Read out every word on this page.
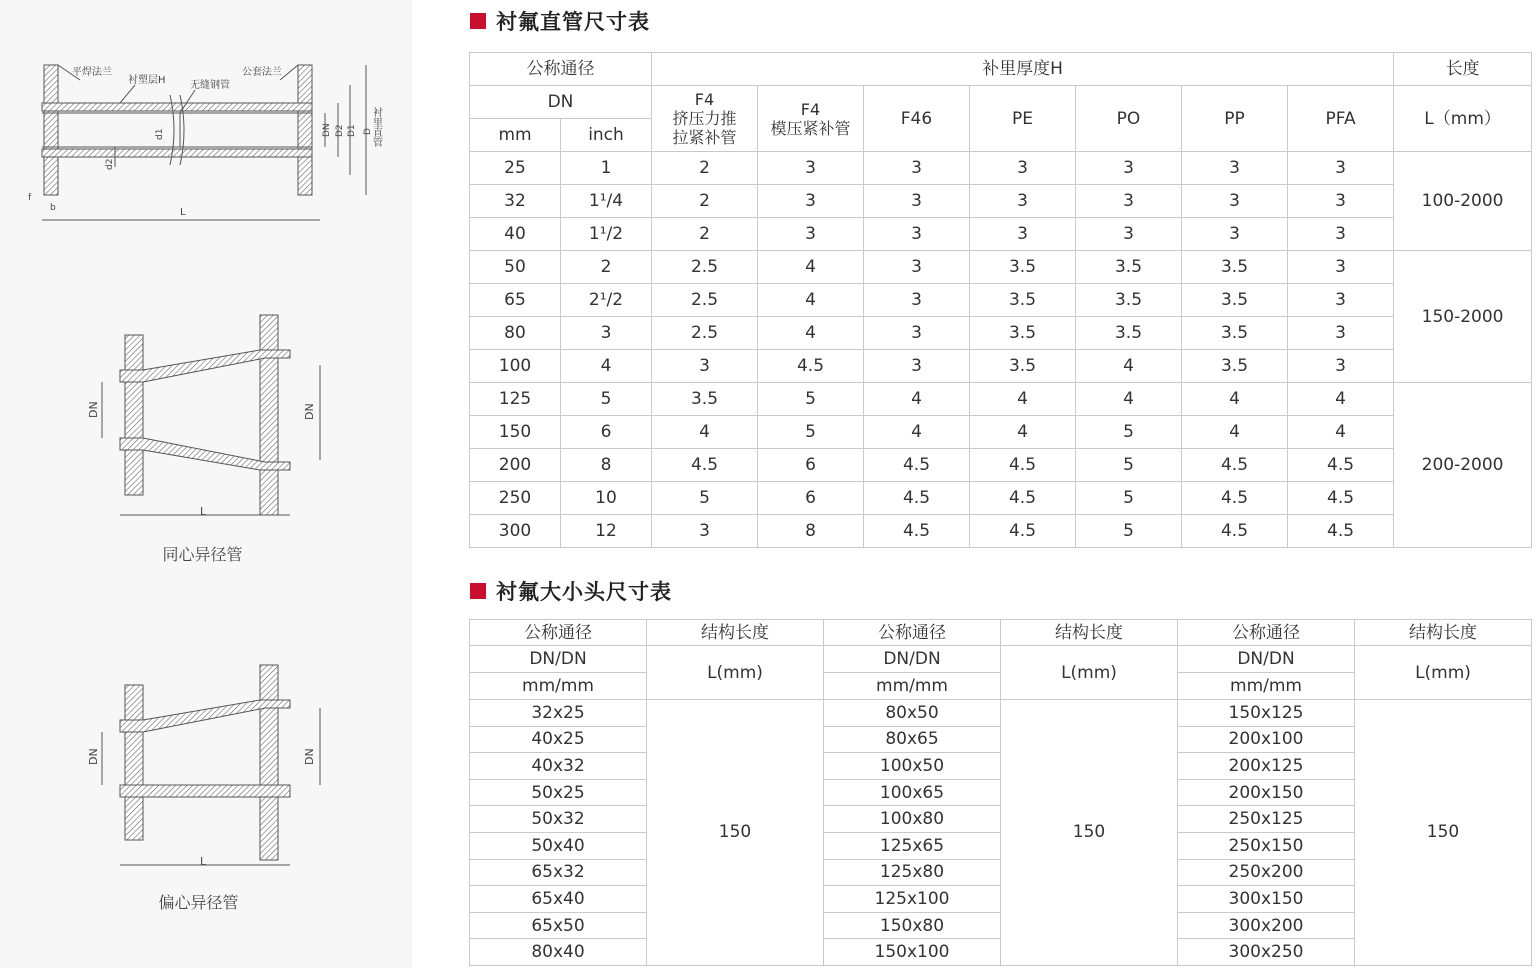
平焊法兰
衬塑层H 无缝钢管
公套法兰
d1
d2
DN D2 D1 D
衬里直管
f
b	L
DN	DN
L
同心异径管
DN	DN
L
偏心异径管
衬氟直管尺寸表
公称通径		补里厚度H							长度
DN		F4
挤压力推
拉紧补管	F4
模压紧补管	F46	PE	PO	PP	PFA	L（mm）
mm	inch								
25	1	2	3	3	3	3	3	3	100-2000
32	1¹/4	2	3	3	3	3	3	3	
40	1¹/2	2	3	3	3	3	3	3	
50	2	2.5	4	3	3.5	3.5	3.5	3	150-2000
65	2¹/2	2.5	4	3	3.5	3.5	3.5	3	
80	3	2.5	4	3	3.5	3.5	3.5	3	
100	4	3	4.5	3	3.5	4	3.5	3	
125	5	3.5	5	4	4	4	4	4	200-2000
150	6	4	5	4	4	5	4	4	
200	8	4.5	6	4.5	4.5	5	4.5	4.5	
250	10	5	6	4.5	4.5	5	4.5	4.5	
300	12	3	8	4.5	4.5	5	4.5	4.5	
衬氟大小头尺寸表
公称通径	结构长度	公称通径	结构长度	公称通径	结构长度
DN/DN	L(mm)	DN/DN	L(mm)	DN/DN	L(mm)
mm/mm		mm/mm		mm/mm	
32x25	150	80x50	150	150x125	150
40x25		80x65		200x100	
40x32		100x50		200x125	
50x25		100x65		200x150	
50x32		100x80		250x125	
50x40		125x65		250x150	
65x32		125x80		250x200	
65x40		125x100		300x150	
65x50		150x80		300x200	
80x40		150x100		300x250	
